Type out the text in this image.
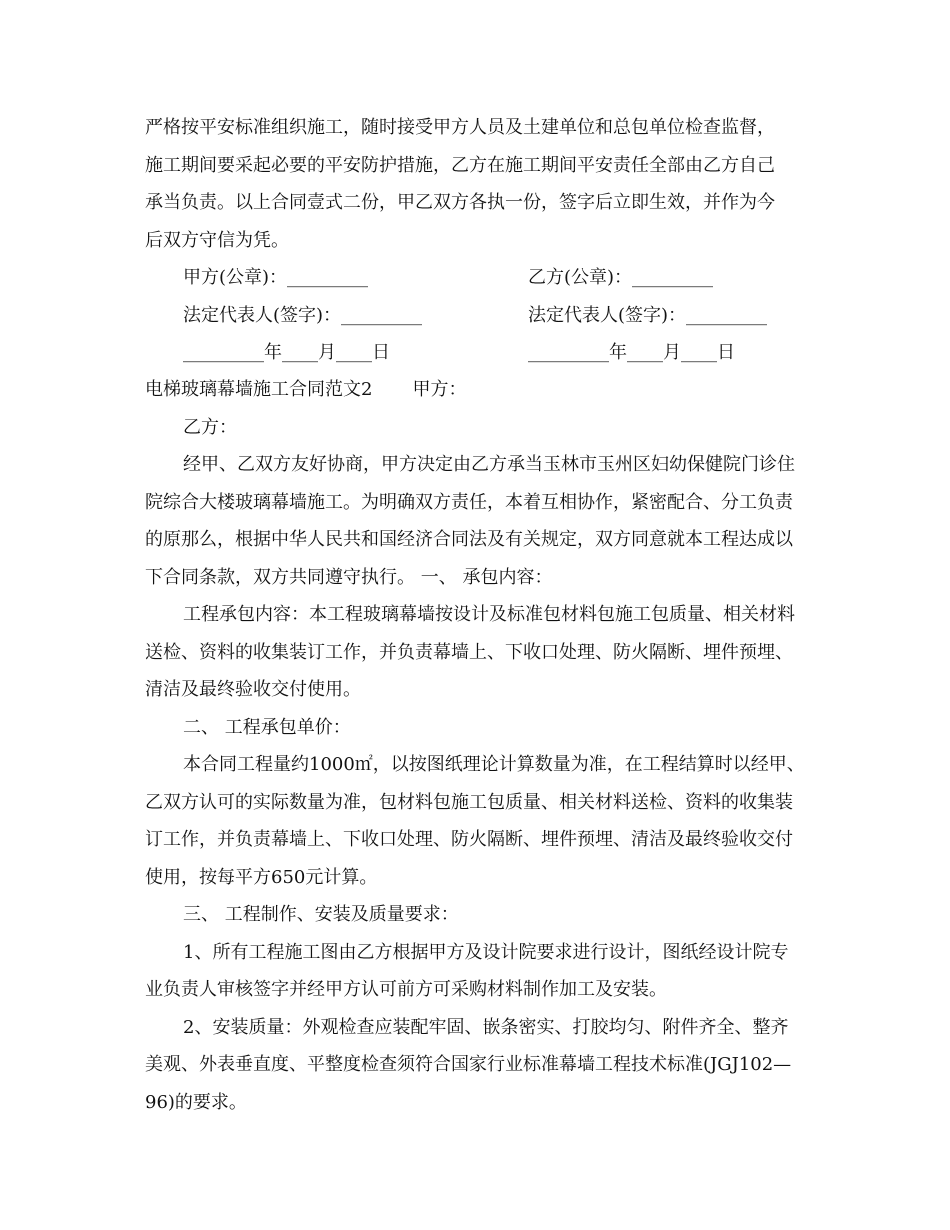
严格按平安标准组织施工，随时接受甲方人员及土建单位和总包单位检查监督，
施工期间要采起必要的平安防护措施，乙方在施工期间平安责任全部由乙方自己
承当负责。以上合同壹式二份，甲乙双方各执一份，签字后立即生效，并作为今
后双方守信为凭。
甲方(公章)：_________	乙方(公章)：_________
法定代表人(签字)：_________	法定代表人(签字)：_________
_________年____月____日	_________年____月____日
电梯玻璃幕墙施工合同范文2 甲方：
乙方：
经甲、乙双方友好协商，甲方决定由乙方承当玉林市玉州区妇幼保健院门诊住院综合大楼玻璃幕墙施工。为明确双方责任，本着互相协作，紧密配合、分工负责的原那么，根据中华人民共和国经济合同法及有关规定，双方同意就本工程达成以下合同条款，双方共同遵守执行。 一、 承包内容：
工程承包内容：本工程玻璃幕墙按设计及标准包材料包施工包质量、相关材料送检、资料的收集装订工作，并负责幕墙上、下收口处理、防火隔断、埋件预埋、清洁及最终验收交付使用。
二、 工程承包单价：
本合同工程量约1000㎡，以按图纸理论计算数量为准，在工程结算时以经甲、乙双方认可的实际数量为准，包材料包施工包质量、相关材料送检、资料的收集装订工作，并负责幕墙上、下收口处理、防火隔断、埋件预埋、清洁及最终验收交付使用，按每平方650元计算。
三、 工程制作、安装及质量要求：
1、所有工程施工图由乙方根据甲方及设计院要求进行设计，图纸经设计院专业负责人审核签字并经甲方认可前方可采购材料制作加工及安装。
2、安装质量：外观检查应装配牢固、嵌条密实、打胶均匀、附件齐全、整齐美观、外表垂直度、平整度检查须符合国家行业标准幕墙工程技术标准(JGJ102—96)的要求。
